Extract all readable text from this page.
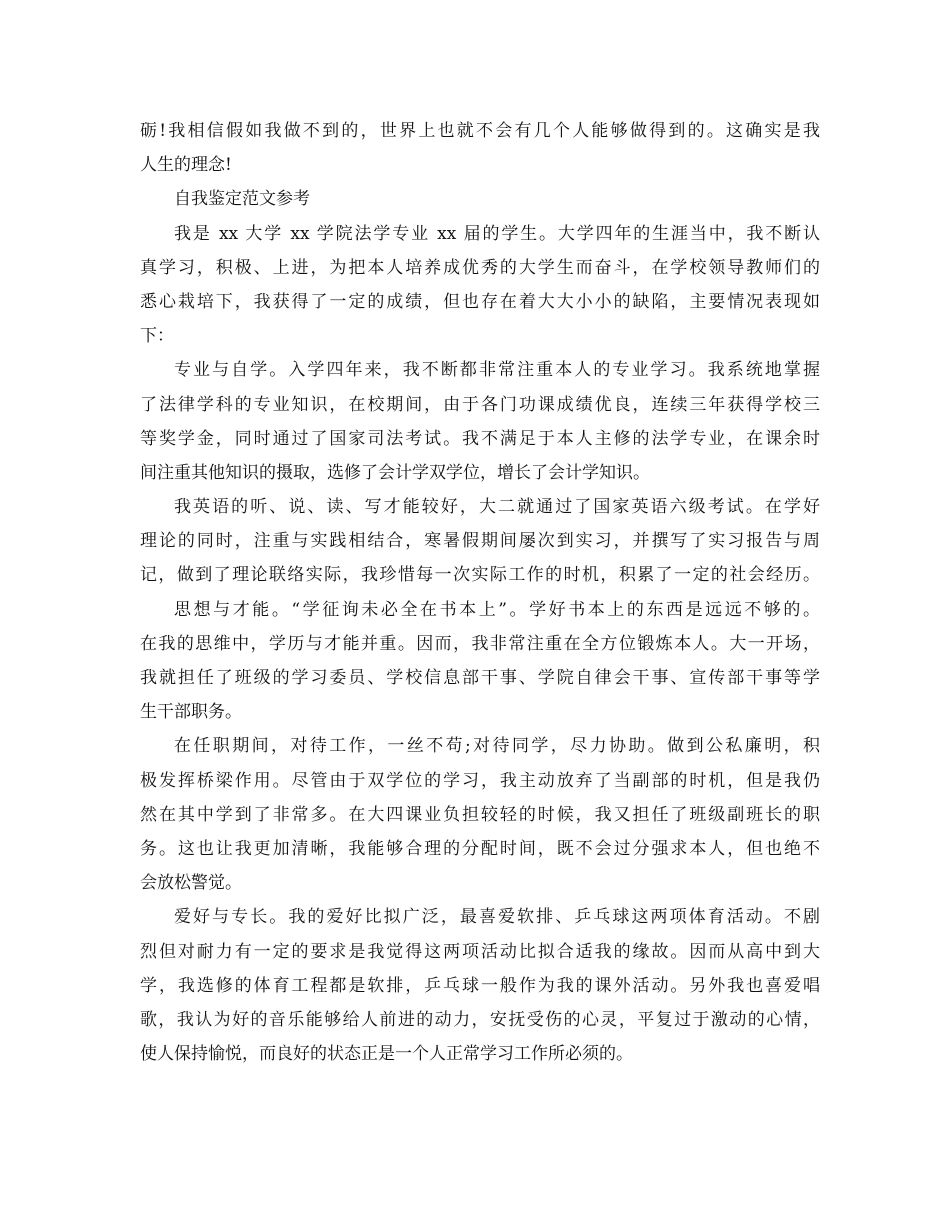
砺!我相信假如我做不到的，世界上也就不会有几个人能够做得到的。这确实是我
人生的理念!
自我鉴定范文参考
我是 xx 大学 xx 学院法学专业 xx 届的学生。大学四年的生涯当中，我不断认
真学习，积极、上进，为把本人培养成优秀的大学生而奋斗，在学校领导教师们的
悉心栽培下，我获得了一定的成绩，但也存在着大大小小的缺陷，主要情况表现如
下：
专业与自学。入学四年来，我不断都非常注重本人的专业学习。我系统地掌握
了法律学科的专业知识，在校期间，由于各门功课成绩优良，连续三年获得学校三
等奖学金，同时通过了国家司法考试。我不满足于本人主修的法学专业，在课余时
间注重其他知识的摄取，选修了会计学双学位，增长了会计学知识。
我英语的听、说、读、写才能较好，大二就通过了国家英语六级考试。在学好
理论的同时，注重与实践相结合，寒暑假期间屡次到实习，并撰写了实习报告与周
记，做到了理论联络实际，我珍惜每一次实际工作的时机，积累了一定的社会经历。
思想与才能。“学征询未必全在书本上”。学好书本上的东西是远远不够的。
在我的思维中，学历与才能并重。因而，我非常注重在全方位锻炼本人。大一开场，
我就担任了班级的学习委员、学校信息部干事、学院自律会干事、宣传部干事等学
生干部职务。
在任职期间，对待工作，一丝不苟;对待同学，尽力协助。做到公私廉明，积
极发挥桥梁作用。尽管由于双学位的学习，我主动放弃了当副部的时机，但是我仍
然在其中学到了非常多。在大四课业负担较轻的时候，我又担任了班级副班长的职
务。这也让我更加清晰，我能够合理的分配时间，既不会过分强求本人，但也绝不
会放松警觉。
爱好与专长。我的爱好比拟广泛，最喜爱软排、乒乓球这两项体育活动。不剧
烈但对耐力有一定的要求是我觉得这两项活动比拟合适我的缘故。因而从高中到大
学，我选修的体育工程都是软排，乒乓球一般作为我的课外活动。另外我也喜爱唱
歌，我认为好的音乐能够给人前进的动力，安抚受伤的心灵，平复过于激动的心情，
使人保持愉悦，而良好的状态正是一个人正常学习工作所必须的。
